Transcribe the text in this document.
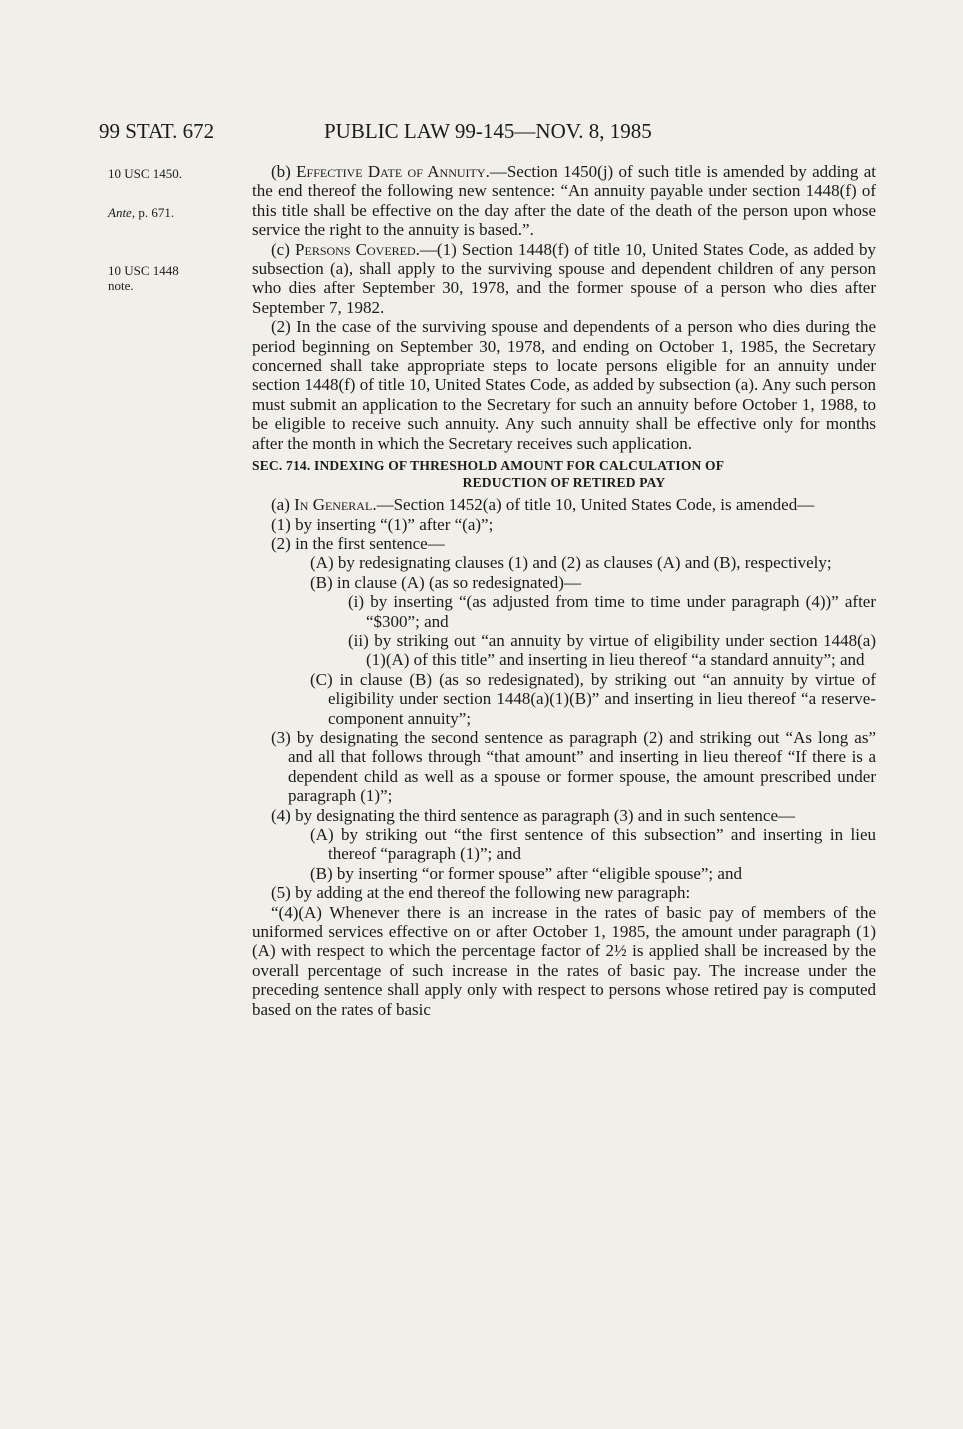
99 STAT. 672	PUBLIC LAW 99-145—NOV. 8, 1985
10 USC 1450.
Ante, p. 671.
10 USC 1448
note.

(b) Effective Date of Annuity.—Section 1450(j) of such title is amended by adding at the end thereof the following new sentence: “An annuity payable under section 1448(f) of this title shall be effective on the day after the date of the death of the person upon whose service the right to the annuity is based.”.

(c) Persons Covered.—(1) Section 1448(f) of title 10, United States Code, as added by subsection (a), shall apply to the surviving spouse and dependent children of any person who dies after September 30, 1978, and the former spouse of a person who dies after September 7, 1982.

(2) In the case of the surviving spouse and dependents of a person who dies during the period beginning on September 30, 1978, and ending on October 1, 1985, the Secretary concerned shall take appropriate steps to locate persons eligible for an annuity under section 1448(f) of title 10, United States Code, as added by subsection (a). Any such person must submit an application to the Secretary for such an annuity before October 1, 1988, to be eligible to receive such annuity. Any such annuity shall be effective only for months after the month in which the Secretary receives such application.

SEC. 714. INDEXING OF THRESHOLD AMOUNT FOR CALCULATION OF
REDUCTION OF RETIRED PAY

(a) In General.—Section 1452(a) of title 10, United States Code, is amended—

(1) by inserting “(1)” after “(a)”;

(2) in the first sentence—

(A) by redesignating clauses (1) and (2) as clauses (A) and (B), respectively;

(B) in clause (A) (as so redesignated)—

(i) by inserting “(as adjusted from time to time under paragraph (4))” after “$300”; and

(ii) by striking out “an annuity by virtue of eligibility under section 1448(a)(1)(A) of this title” and inserting in lieu thereof “a standard annuity”; and

(C) in clause (B) (as so redesignated), by striking out “an annuity by virtue of eligibility under section 1448(a)(1)(B)” and inserting in lieu thereof “a reserve-component annuity”;

(3) by designating the second sentence as paragraph (2) and striking out “As long as” and all that follows through “that amount” and inserting in lieu thereof “If there is a dependent child as well as a spouse or former spouse, the amount prescribed under paragraph (1)”;

(4) by designating the third sentence as paragraph (3) and in such sentence—

(A) by striking out “the first sentence of this subsection” and inserting in lieu thereof “paragraph (1)”; and

(B) by inserting “or former spouse” after “eligible spouse”; and

(5) by adding at the end thereof the following new paragraph:

“(4)(A) Whenever there is an increase in the rates of basic pay of members of the uniformed services effective on or after October 1, 1985, the amount under paragraph (1)(A) with respect to which the percentage factor of 2½ is applied shall be increased by the overall percentage of such increase in the rates of basic pay. The increase under the preceding sentence shall apply only with respect to persons whose retired pay is computed based on the rates of basic
